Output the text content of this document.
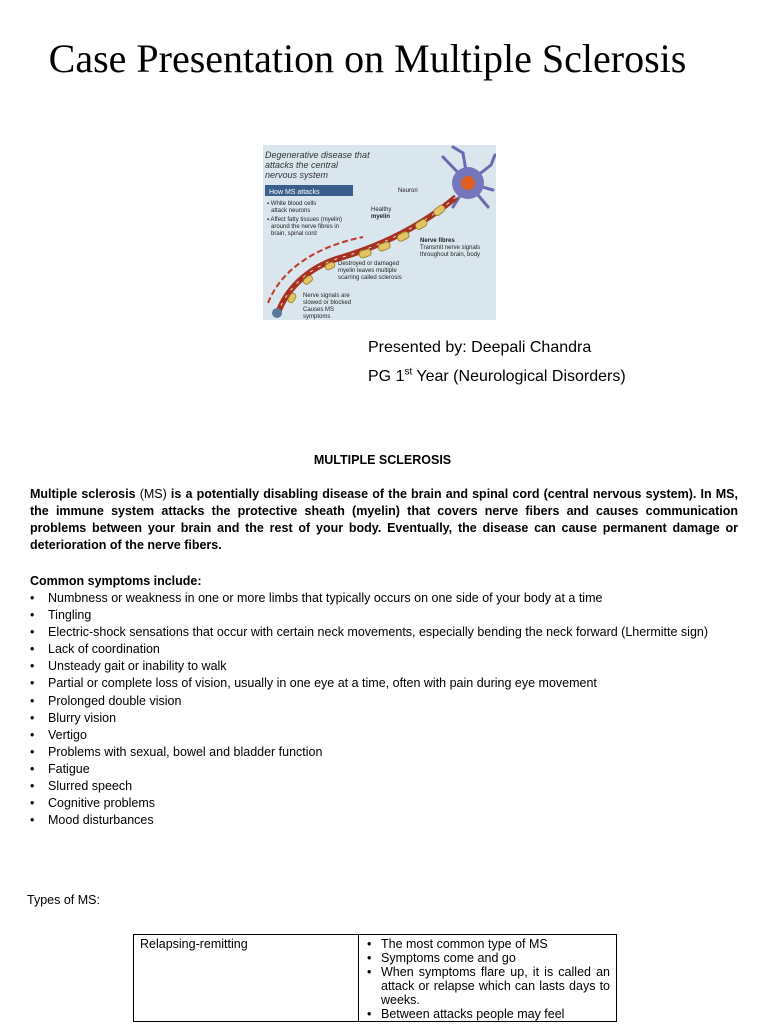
Case Presentation on Multiple Sclerosis
Degenerative disease that
attacks the central
nervous system
How MS attacks
▪ White blood cells
attack neurons
▪ Affect fatty tissues (myelin)
around the nerve fibres in
brain, spinal cord
Neuron
Healthy
myelin
Nerve fibres
Transmit nerve signals
throughout brain, body
Destroyed or damaged
myelin leaves multiple
scarring called sclerosis
Nerve signals are
slowed or blocked
Causes MS
symptoms
Presented by: Deepali Chandra
PG 1st Year (Neurological Disorders)
MULTIPLE SCLEROSIS
Multiple sclerosis (MS) is a potentially disabling disease of the brain and spinal cord (central nervous system). In MS, the immune system attacks the protective sheath (myelin) that covers nerve fibers and causes communication problems between your brain and the rest of your body. Eventually, the disease can cause permanent damage or deterioration of the nerve fibers.
Common symptoms include:
• Numbness or weakness in one or more limbs that typically occurs on one side of your body at a time
• Tingling
• Electric-shock sensations that occur with certain neck movements, especially bending the neck forward (Lhermitte sign)
• Lack of coordination
• Unsteady gait or inability to walk
• Partial or complete loss of vision, usually in one eye at a time, often with pain during eye movement
• Prolonged double vision
• Blurry vision
• Vertigo
• Problems with sexual, bowel and bladder function
• Fatigue
• Slurred speech
• Cognitive problems
• Mood disturbances
Types of MS:
Relapsing-remitting	
•The most common type of MS
• Symptoms come and go
• When symptoms flare up, it is called an attack or relapse which can lasts days to weeks.
• Between attacks people may feel
